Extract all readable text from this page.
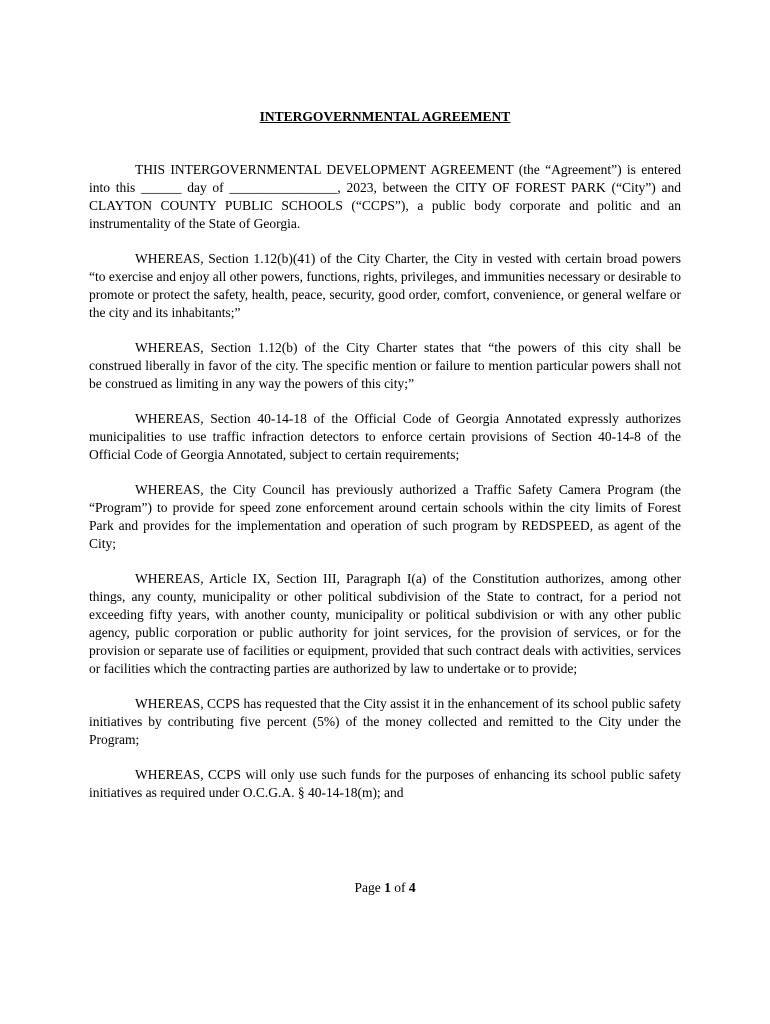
INTERGOVERNMENTAL AGREEMENT

THIS INTERGOVERNMENTAL DEVELOPMENT AGREEMENT (the “Agreement”) is entered into this ______ day of ________________, 2023, between the CITY OF FOREST PARK (“City”) and CLAYTON COUNTY PUBLIC SCHOOLS (“CCPS”), a public body corporate and politic and an instrumentality of the State of Georgia.

WHEREAS, Section 1.12(b)(41) of the City Charter, the City in vested with certain broad powers “to exercise and enjoy all other powers, functions, rights, privileges, and immunities necessary or desirable to promote or protect the safety, health, peace, security, good order, comfort, convenience, or general welfare or the city and its inhabitants;”

WHEREAS, Section 1.12(b) of the City Charter states that “the powers of this city shall be construed liberally in favor of the city. The specific mention or failure to mention particular powers shall not be construed as limiting in any way the powers of this city;”

WHEREAS, Section 40-14-18 of the Official Code of Georgia Annotated expressly authorizes municipalities to use traffic infraction detectors to enforce certain provisions of Section 40-14-8 of the Official Code of Georgia Annotated, subject to certain requirements;

WHEREAS, the City Council has previously authorized a Traffic Safety Camera Program (the “Program”) to provide for speed zone enforcement around certain schools within the city limits of Forest Park and provides for the implementation and operation of such program by REDSPEED, as agent of the City;

WHEREAS, Article IX, Section III, Paragraph I(a) of the Constitution authorizes, among other things, any county, municipality or other political subdivision of the State to contract, for a period not exceeding fifty years, with another county, municipality or political subdivision or with any other public agency, public corporation or public authority for joint services, for the provision of services, or for the provision or separate use of facilities or equipment, provided that such contract deals with activities, services or facilities which the contracting parties are authorized by law to undertake or to provide;

WHEREAS, CCPS has requested that the City assist it in the enhancement of its school public safety initiatives by contributing five percent (5%) of the money collected and remitted to the City under the Program;

WHEREAS, CCPS will only use such funds for the purposes of enhancing its school public safety initiatives as required under O.C.G.A. § 40-14-18(m); and

Page 1 of 4
